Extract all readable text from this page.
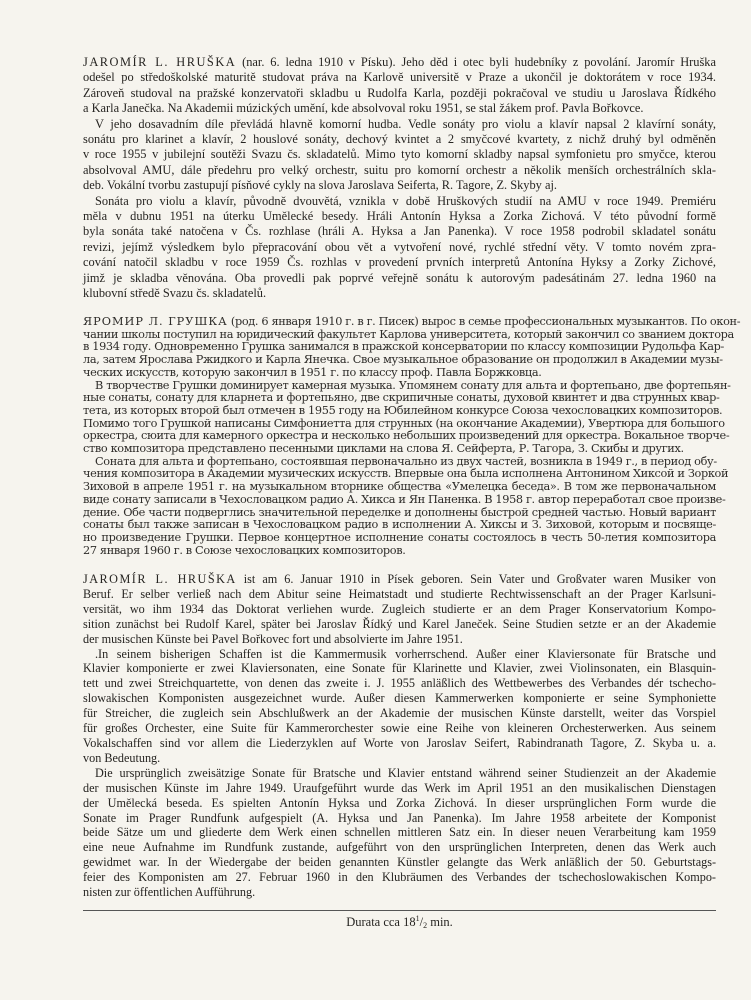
JAROMÍR L. HRUŠKA (nar. 6. ledna 1910 v Písku). Jeho děd i otec byli hudebníky z povolání. Jaromír Hruška
odešel po středoškolské maturitě studovat práva na Karlově universitě v Praze a ukončil je doktorátem v roce 1934.
Zároveň studoval na pražské konzervatoři skladbu u Rudolfa Karla, později pokračoval ve studiu u Jaroslava Řídkého
a Karla Janečka. Na Akademii múzických umění, kde absolvoval roku 1951, se stal žákem prof. Pavla Bořkovce.
V jeho dosavadním díle převládá hlavně komorní hudba. Vedle sonáty pro violu a klavír napsal 2 klavírní sonáty,
sonátu pro klarinet a klavír, 2 houslové sonáty, dechový kvintet a 2 smyčcové kvartety, z nichž druhý byl odměněn
v roce 1955 v jubilejní soutěži Svazu čs. skladatelů. Mimo tyto komorní skladby napsal symfonietu pro smyčce, kterou
absolvoval AMU, dále předehru pro velký orchestr, suitu pro komorní orchestr a několik menších orchestrálních skla-
deb. Vokální tvorbu zastupují písňové cykly na slova Jaroslava Seiferta, R. Tagore, Z. Skyby aj.
Sonáta pro violu a klavír, původně dvouvětá, vznikla v době Hruškových studií na AMU v roce 1949. Premiéru
měla v dubnu 1951 na úterku Umělecké besedy. Hráli Antonín Hyksa a Zorka Zichová. V této původní formě
byla sonáta také natočena v Čs. rozhlase (hráli A. Hyksa a Jan Panenka). V roce 1958 podrobil skladatel sonátu
revizi, jejímž výsledkem bylo přepracování obou vět a vytvoření nové, rychlé střední věty. V tomto novém zpra-
cování natočil skladbu v roce 1959 Čs. rozhlas v provedení prvních interpretů Antonína Hyksy a Zorky Zichové,
jimž je skladba věnována. Oba provedli pak poprvé veřejně sonátu k autorovým padesátinám 27. ledna 1960 na
klubovní středě Svazu čs. skladatelů.
ЯРОМИР Л. ГРУШКА (род. 6 января 1910 г. в г. Писек) вырос в семье профессиональных музыкантов. По окон-
чании школы поступил на юридический факультет Карлова университета, который закончил со званием доктора
в 1934 году. Одновременно Грушка занимался в пражской консерватории по классу композиции Рудольфа Кар-
ла, затем Ярослава Ржидкого и Карла Янечка. Свое музыкальное образование он продолжил в Академии музы-
ческих искусств, которую закончил в 1951 г. по классу проф. Павла Боржковца.
В творчестве Грушки доминирует камерная музыка. Упомянем сонату для альта и фортепьано, две фортепьян-
ные сонаты, сонату для кларнета и фортепьяно, две скрипичные сонаты, духовой квинтет и два струнных квар-
тета, из которых второй был отмечен в 1955 году на Юбилейном конкурсе Союза чехословацких композиторов.
Помимо того Грушкой написаны Симфониетта для струнных (на окончание Академии), Увертюра для большого
оркестра, сюита для камерного оркестра и несколько небольших произведений для оркестра. Вокальное творче-
ство композитора представлено песенными циклами на слова Я. Сейферта, Р. Тагора, З. Скибы и других.
Соната для альта и фортепьано, состоявшая первоначально из двух частей, возникла в 1949 г., в период обу-
чения композитора в Академии музических искусств. Впервые она была исполнена Антонином Хиксой и Зоркой
Зиховой в апреле 1951 г. на музыкальном вторнике общества «Умелецка беседа». В том же первоначальном
виде сонату записали в Чехословацком радио А. Хикса и Ян Паненка. В 1958 г. автор переработал свое произве-
дение. Обе части подверглись значительной переделке и дополнены быстрой средней частью. Новый вариант
сонаты был также записан в Чехословацком радио в исполнении А. Хиксы и З. Зиховой, которым и посвяще-
но произведение Грушки. Первое концертное исполнение сонаты состоялось в честь 50-летия композитора
27 января 1960 г. в Союзе чехословацких композиторов.
JAROMÍR L. HRUŠKA ist am 6. Januar 1910 in Písek geboren. Sein Vater und Großvater waren Musiker von
Beruf. Er selber verließ nach dem Abitur seine Heimatstadt und studierte Rechtwissenschaft an der Prager Karlsuni-
versität, wo ihm 1934 das Doktorat verliehen wurde. Zugleich studierte er an dem Prager Konservatorium Kompo-
sition zunächst bei Rudolf Karel, später bei Jaroslav Řídký und Karel Janeček. Seine Studien setzte er an der Akademie
der musischen Künste bei Pavel Bořkovec fort und absolvierte im Jahre 1951.
.In seinem bisherigen Schaffen ist die Kammermusik vorherrschend. Außer einer Klaviersonate für Bratsche und
Klavier komponierte er zwei Klaviersonaten, eine Sonate für Klarinette und Klavier, zwei Violinsonaten, ein Blasquin-
tett und zwei Streichquartette, von denen das zweite i. J. 1955 anläßlich des Wettbewerbes des Verbandes dér tschecho-
slowakischen Komponisten ausgezeichnet wurde. Außer diesen Kammerwerken komponierte er seine Symphoniette
für Streicher, die zugleich sein Abschlußwerk an der Akademie der musischen Künste darstellt, weiter das Vorspiel
für großes Orchester, eine Suite für Kammerorchester sowie eine Reihe von kleineren Orchesterwerken. Aus seinem
Vokalschaffen sind vor allem die Liederzyklen auf Worte von Jaroslav Seifert, Rabindranath Tagore, Z. Skyba u. a.
von Bedeutung.
Die ursprünglich zweisätzige Sonate für Bratsche und Klavier entstand während seiner Studienzeit an der Akademie
der musischen Künste im Jahre 1949. Uraufgeführt wurde das Werk im April 1951 an den musikalischen Dienstagen
der Umělecká beseda. Es spielten Antonín Hyksa und Zorka Zichová. In dieser ursprünglichen Form wurde die
Sonate im Prager Rundfunk aufgespielt (A. Hyksa und Jan Panenka). Im Jahre 1958 arbeitete der Komponist
beide Sätze um und gliederte dem Werk einen schnellen mittleren Satz ein. In dieser neuen Verarbeitung kam 1959
eine neue Aufnahme im Rundfunk zustande, aufgeführt von den ursprünglichen Interpreten, denen das Werk auch
gewidmet war. In der Wiedergabe der beiden genannten Künstler gelangte das Werk anläßlich der 50. Geburtstags-
feier des Komponisten am 27. Februar 1960 in den Klubräumen des Verbandes der tschechoslowakischen Kompo-
nisten zur öffentlichen Aufführung.
Durata cca $18^1/_2$ min.
